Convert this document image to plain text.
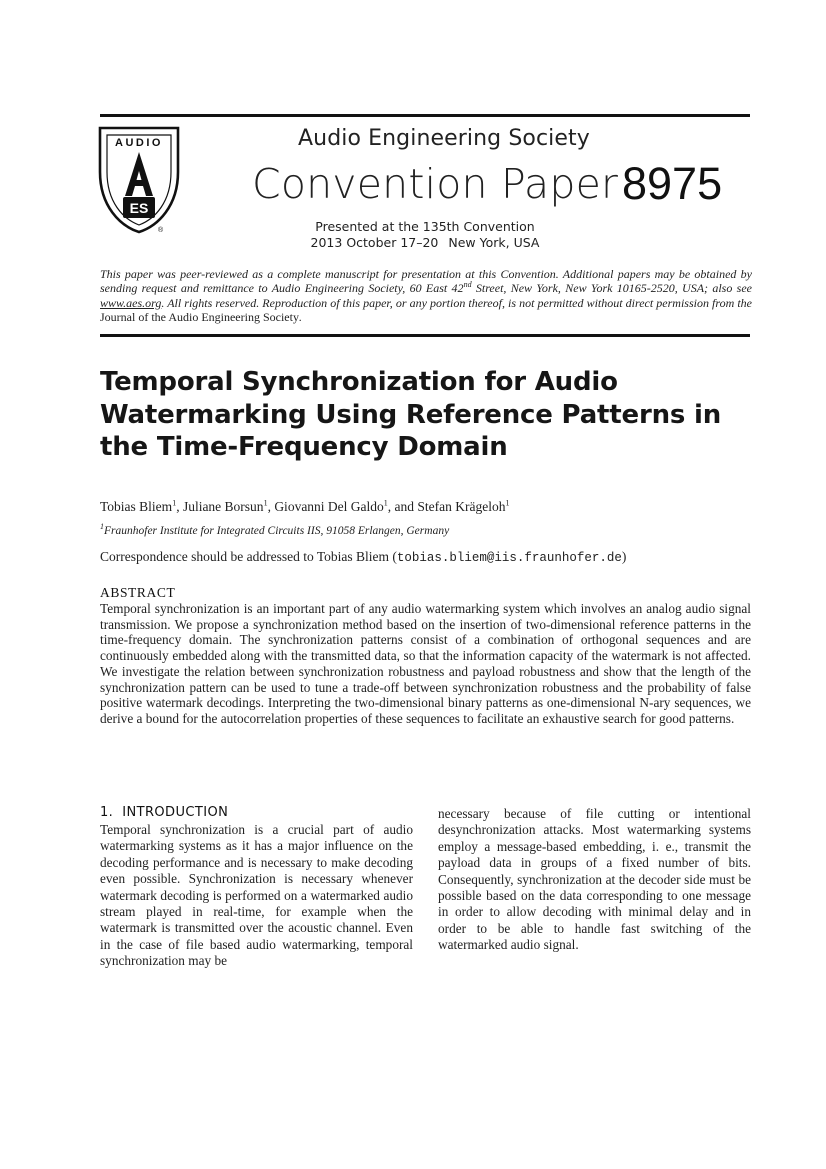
AUDIO
ES
®
Audio Engineering Society
Convention Paper 8975
Presented at the 135th Convention
2013 October 17–20 New York, USA
This paper was peer-reviewed as a complete manuscript for presentation at this Convention. Additional papers may be obtained by sending request and remittance to Audio Engineering Society, 60 East 42nd Street, New York, New York 10165-2520, USA; also see www.aes.org. All rights reserved. Reproduction of this paper, or any portion thereof, is not permitted without direct permission from the Journal of the Audio Engineering Society.
Temporal Synchronization for Audio Watermarking Using Reference Patterns in the Time-Frequency Domain
Tobias Bliem$^1$, Juliane Borsun$^1$, Giovanni Del Galdo$^1$, and Stefan Krägeloh$^1$
$^1$Fraunhofer Institute for Integrated Circuits IIS, 91058 Erlangen, Germany
Correspondence should be addressed to Tobias Bliem (tobias.bliem@iis.fraunhofer.de)
ABSTRACT
Temporal synchronization is an important part of any audio watermarking system which involves an analog audio signal transmission. We propose a synchronization method based on the insertion of two-dimensional reference patterns in the time-frequency domain. The synchronization patterns consist of a combination of orthogonal sequences and are continuously embedded along with the transmitted data, so that the information capacity of the watermark is not affected. We investigate the relation between synchronization robustness and payload robustness and show that the length of the synchronization pattern can be used to tune a trade-off between synchronization robustness and the probability of false positive watermark decodings. Interpreting the two-dimensional binary patterns as one-dimensional N-ary sequences, we derive a bound for the autocorrelation properties of these sequences to facilitate an exhaustive search for good patterns.
1. INTRODUCTION
Temporal synchronization is a crucial part of audio watermarking systems as it has a major influence on the decoding performance and is necessary to make decoding even possible. Synchronization is necessary whenever watermark decoding is performed on a watermarked audio stream played in real-time, for example when the watermark is transmitted over the acoustic channel. Even in the case of file based audio watermarking, temporal synchronization may be
necessary because of file cutting or intentional desynchronization attacks. Most watermarking systems employ a message-based embedding, i. e., transmit the payload data in groups of a fixed number of bits. Consequently, synchronization at the decoder side must be possible based on the data corresponding to one message in order to allow decoding with minimal delay and in order to be able to handle fast switching of the watermarked audio signal.
